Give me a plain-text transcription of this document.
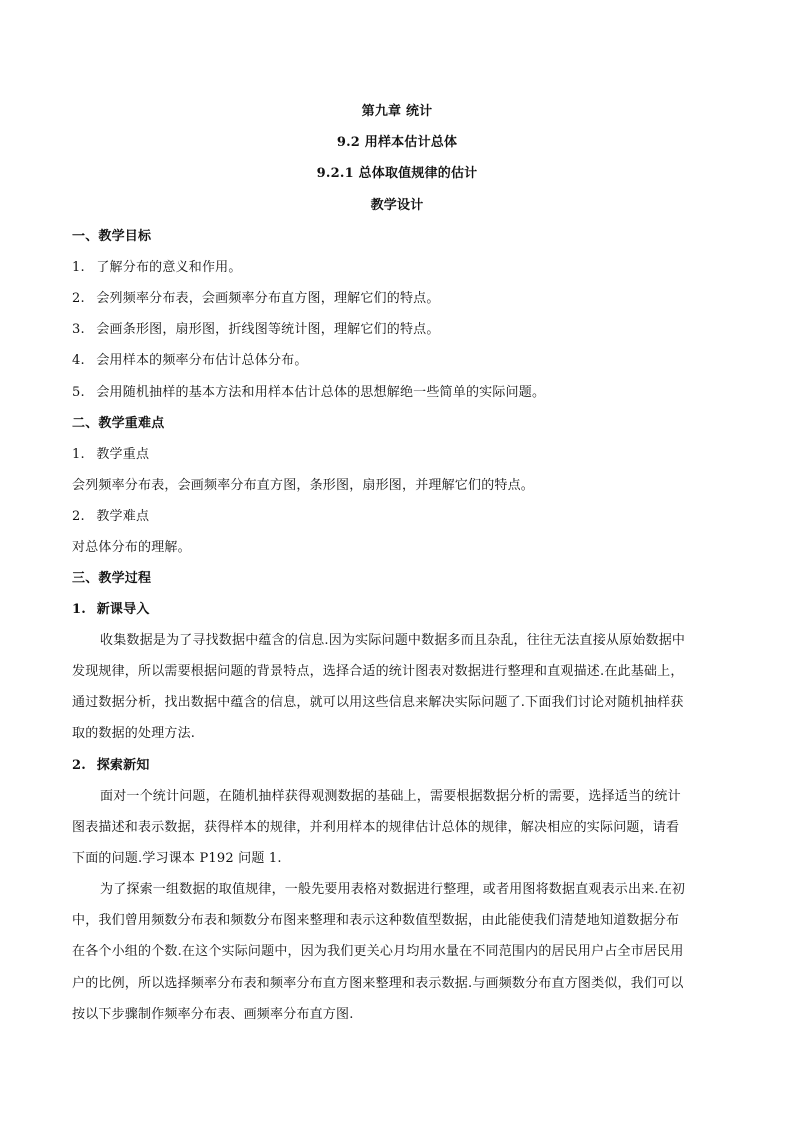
第九章 统计
9.2 用样本估计总体
9.2.1 总体取值规律的估计
教学设计
一、教学目标
1. 了解分布的意义和作用。
2. 会列频率分布表，会画频率分布直方图，理解它们的特点。
3. 会画条形图，扇形图，折线图等统计图，理解它们的特点。
4. 会用样本的频率分布估计总体分布。
5. 会用随机抽样的基本方法和用样本估计总体的思想解绝一些简单的实际问题。
二、教学重难点
1. 教学重点
会列频率分布表，会画频率分布直方图，条形图，扇形图，并理解它们的特点。
2. 教学难点
对总体分布的理解。
三、教学过程
1. 新课导入
收集数据是为了寻找数据中蕴含的信息.因为实际问题中数据多而且杂乱，往往无法直接从原始数据中
发现规律，所以需要根据问题的背景特点，选择合适的统计图表对数据进行整理和直观描述.在此基础上，
通过数据分析，找出数据中蕴含的信息，就可以用这些信息来解决实际问题了.下面我们讨论对随机抽样获
取的数据的处理方法.
2. 探索新知
面对一个统计问题，在随机抽样获得观测数据的基础上，需要根据数据分析的需要，选择适当的统计
图表描述和表示数据，获得样本的规律，并利用样本的规律估计总体的规律，解决相应的实际问题，请看
下面的问题.学习课本 P192 问题 1.
为了探索一组数据的取值规律，一般先要用表格对数据进行整理，或者用图将数据直观表示出来.在初
中，我们曾用频数分布表和频数分布图来整理和表示这种数值型数据，由此能使我们清楚地知道数据分布
在各个小组的个数.在这个实际问题中，因为我们更关心月均用水量在不同范围内的居民用户占全市居民用
户的比例，所以选择频率分布表和频率分布直方图来整理和表示数据.与画频数分布直方图类似，我们可以
按以下步骤制作频率分布表、画频率分布直方图.
